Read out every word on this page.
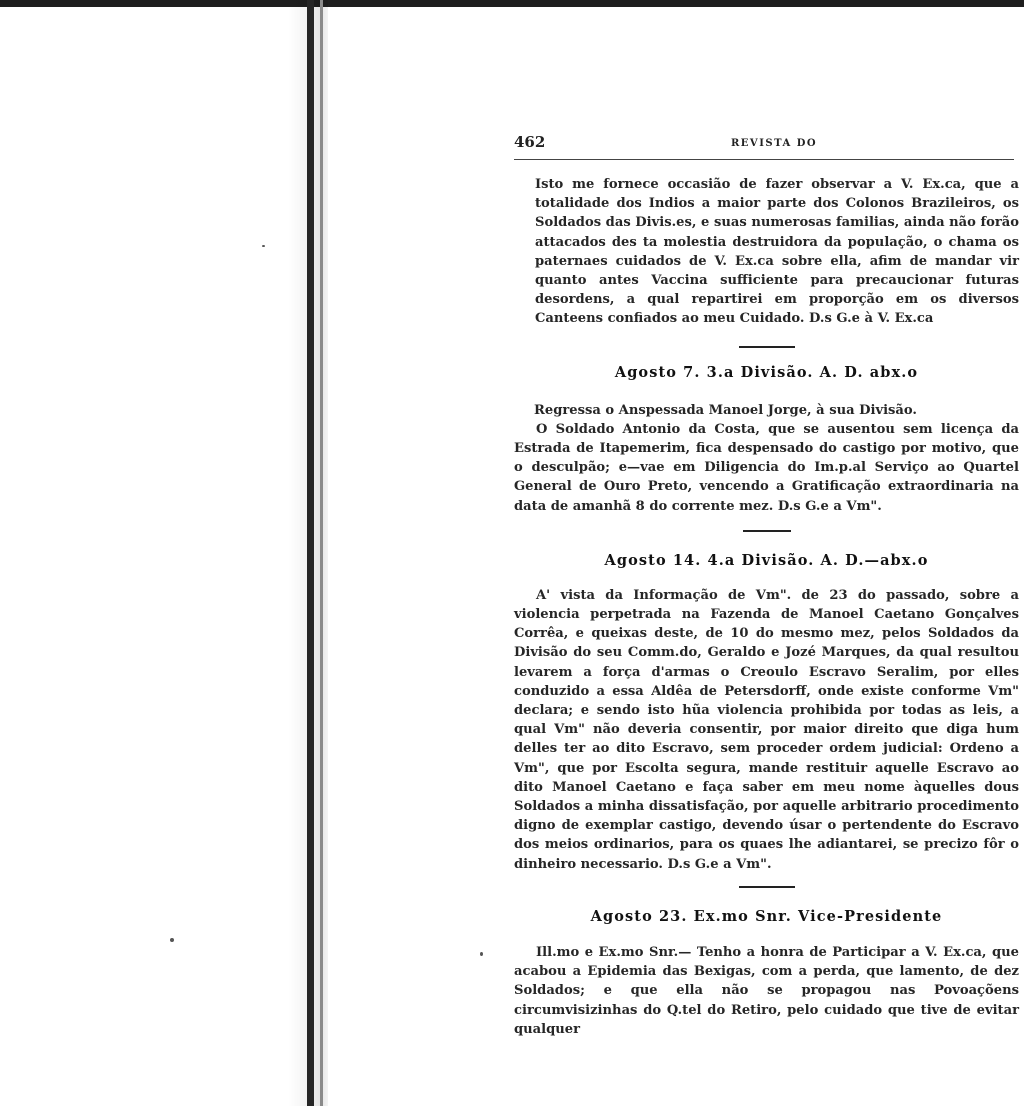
462	REVISTA DO

Isto me fornece occasião de fazer observar a V. Ex.ca, que a totalidade dos Indios a maior parte dos Colonos Brazileiros, os Soldados das Divis.es, e suas numerosas familias, ainda não forão attacados des ta molestia destruidora da população, o chama os paternaes cuidados de V. Ex.ca sobre ella, afim de mandar vir quanto antes Vaccina sufficiente para precaucionar futuras desordens, a qual repartirei em proporção em os diversos Canteens confiados ao meu Cuidado. D.s G.e à V. Ex.ca

Agosto 7. 3.a Divisão. A. D. abx.o

Regressa o Anspessada Manoel Jorge, à sua Divisão.

O Soldado Antonio da Costa, que se ausentou sem licença da Estrada de Itapemerim, fica despensado do castigo por motivo, que o desculpão; e—vae em Diligencia do Im.p.al Serviço ao Quartel General de Ouro Preto, vencendo a Gratificação extraordinaria na data de amanhã 8 do corrente mez. D.s G.e a Vm".

Agosto 14. 4.a Divisão. A. D.—abx.o

A' vista da Informação de Vm". de 23 do passado, sobre a violencia perpetrada na Fazenda de Manoel Caetano Gonçalves Corrêa, e queixas deste, de 10 do mesmo mez, pelos Soldados da Divisão do seu Comm.do, Geraldo e Jozé Marques, da qual resultou levarem a força d'armas o Creoulo Escravo Seralim, por elles conduzido a essa Aldêa de Petersdorff, onde existe conforme Vm" declara; e sendo isto hũa violencia prohibida por todas as leis, a qual Vm" não deveria consentir, por maior direito que diga hum delles ter ao dito Escravo, sem proceder ordem judicial: Ordeno a Vm", que por Escolta segura, mande restituir aquelle Escravo ao dito Manoel Caetano e faça saber em meu nome àquelles dous Soldados a minha dissatisfação, por aquelle arbitrario procedimento digno de exemplar castigo, devendo úsar o pertendente do Escravo dos meios ordinarios, para os quaes lhe adiantarei, se precizo fôr o dinheiro necessario. D.s G.e a Vm".

Agosto 23. Ex.mo Snr. Vice-Presidente

Ill.mo e Ex.mo Snr.— Tenho a honra de Participar a V. Ex.ca, que acabou a Epidemia das Bexigas, com a perda, que lamento, de dez Soldados; e que ella não se propagou nas Povoaçõens circumvisizinhas do Q.tel do Retiro, pelo cuidado que tive de evitar qualquer
